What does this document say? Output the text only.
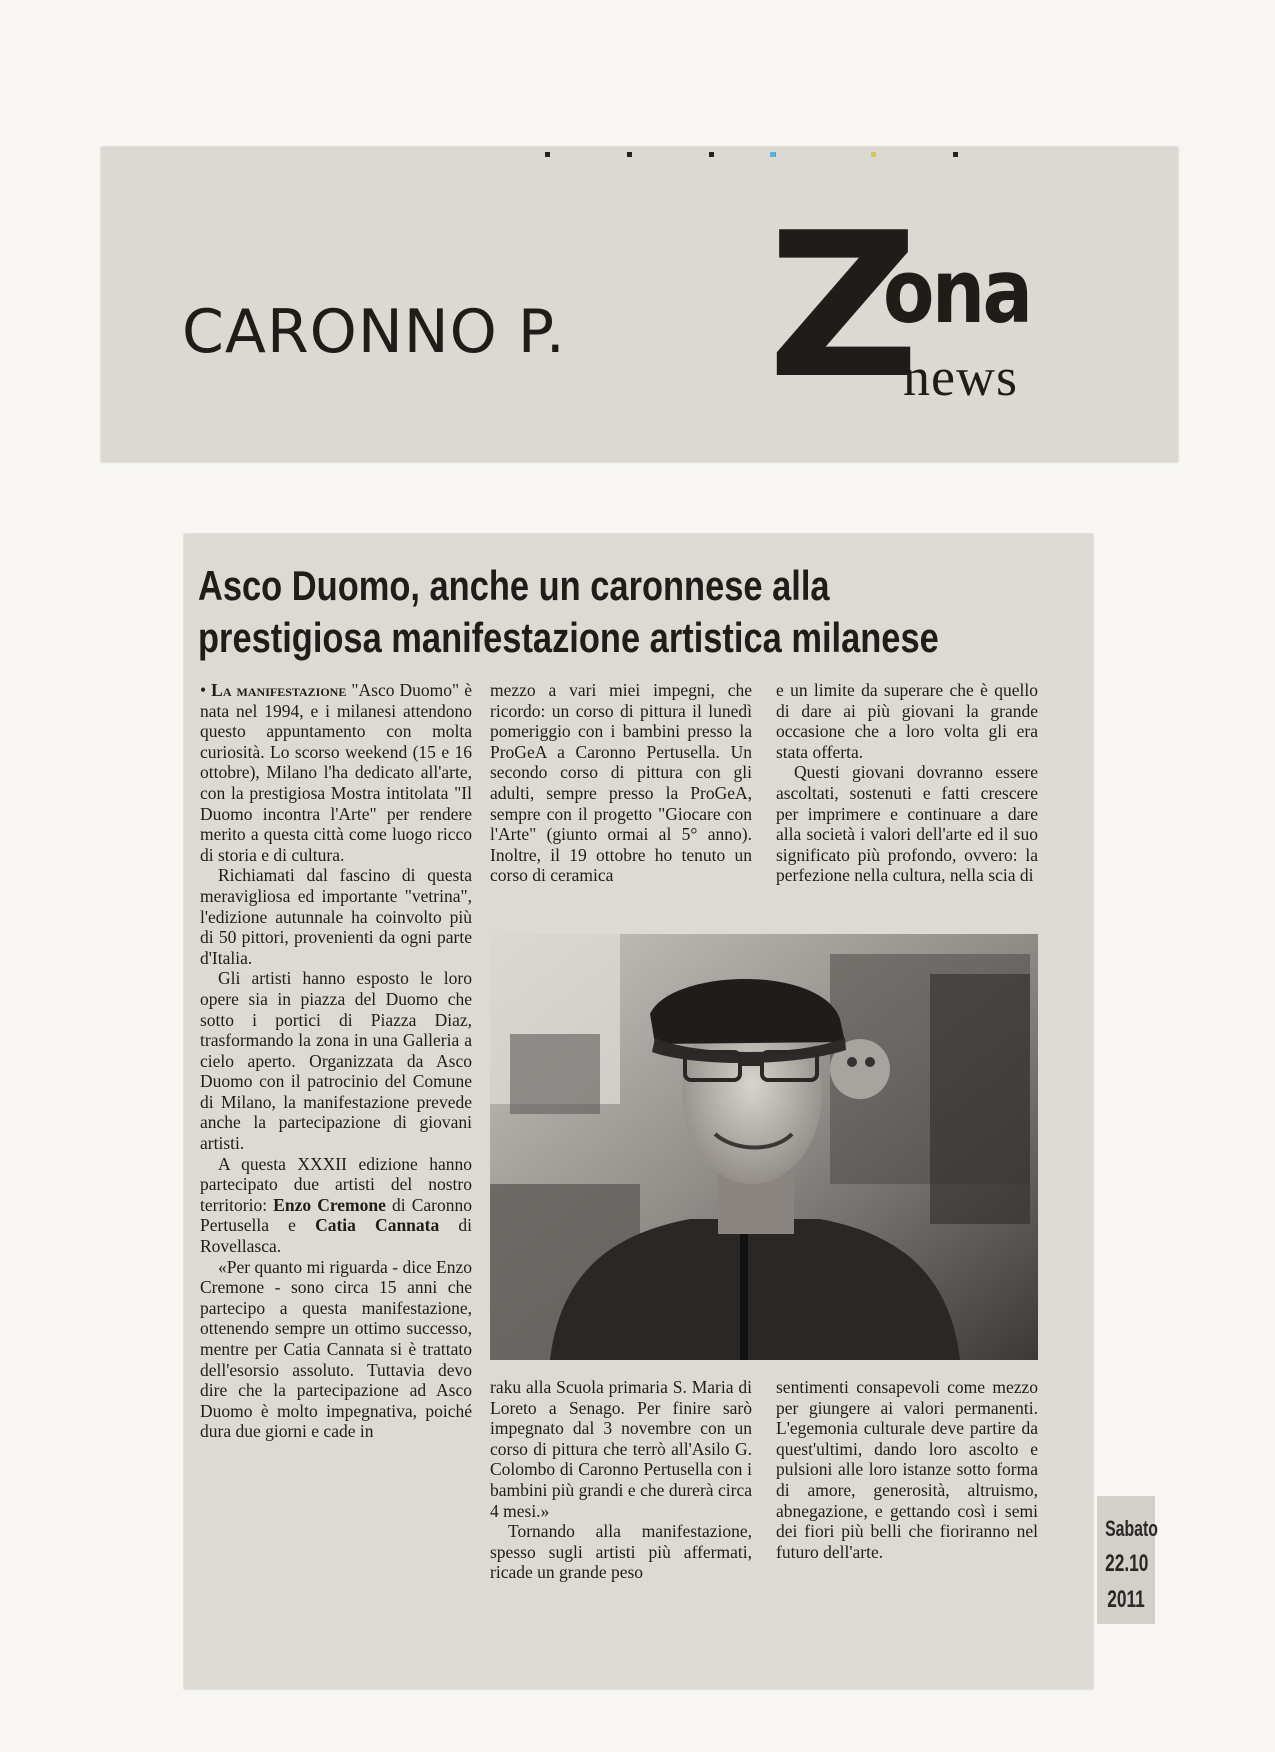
CARONNO P. Z
ona
news
Asco Duomo, anche un caronnese alla
prestigiosa manifestazione artistica milanese

• La manifestazione "Asco Duomo" è nata nel 1994, e i milanesi attendono questo appuntamento con molta curiosità. Lo scorso weekend (15 e 16 ottobre), Milano l'ha dedicato all'arte, con la prestigiosa Mostra intitolata "Il Duomo incontra l'Arte" per rendere merito a questa città come luogo ricco di storia e di cultura.

Richiamati dal fascino di questa meravigliosa ed importante "vetrina", l'edizione autunnale ha coinvolto più di 50 pittori, provenienti da ogni parte d'Italia.

Gli artisti hanno esposto le loro opere sia in piazza del Duomo che sotto i portici di Piazza Diaz, trasformando la zona in una Galleria a cielo aperto. Organizzata da Asco Duomo con il patrocinio del Comune di Milano, la manifestazione prevede anche la partecipazione di giovani artisti.

A questa XXXII edizione hanno partecipato due artisti del nostro territorio: Enzo Cremone di Caronno Pertusella e Catia Cannata di Rovellasca.

«Per quanto mi riguarda - dice Enzo Cremone - sono circa 15 anni che partecipo a questa manifestazione, ottenendo sempre un ottimo successo, mentre per Catia Cannata si è trattato dell'esorsio assoluto. Tuttavia devo dire che la partecipazione ad Asco Duomo è molto impegnativa, poiché dura due giorni e cade in

mezzo a vari miei impegni, che ricordo: un corso di pittura il lunedì pomeriggio con i bambini presso la ProGeA a Caronno Pertusella. Un secondo corso di pittura con gli adulti, sempre presso la ProGeA, sempre con il progetto "Giocare con l'Arte" (giunto ormai al 5° anno). Inoltre, il 19 ottobre ho tenuto un corso di ceramica

e un limite da superare che è quello di dare ai più giovani la grande occasione che a loro volta gli era stata offerta.

Questi giovani dovranno essere ascoltati, sostenuti e fatti crescere per imprimere e continuare a dare alla società i valori dell'arte ed il suo significato più profondo, ovvero: la perfezione nella cultura, nella scia di

raku alla Scuola primaria S. Maria di Loreto a Senago. Per finire sarò impegnato dal 3 novembre con un corso di pittura che terrò all'Asilo G. Colombo di Caronno Pertusella con i bambini più grandi e che durerà circa 4 mesi.»

Tornando alla manifestazione, spesso sugli artisti più affermati, ricade un grande peso

sentimenti consapevoli come mezzo per giungere ai valori permanenti. L'egemonia culturale deve partire da quest'ultimi, dando loro ascolto e pulsioni alle loro istanze sotto forma di amore, generosità, altruismo, abnegazione, e gettando così i semi dei fiori più belli che fioriranno nel futuro dell'arte.

Sabato
22.10
2011
